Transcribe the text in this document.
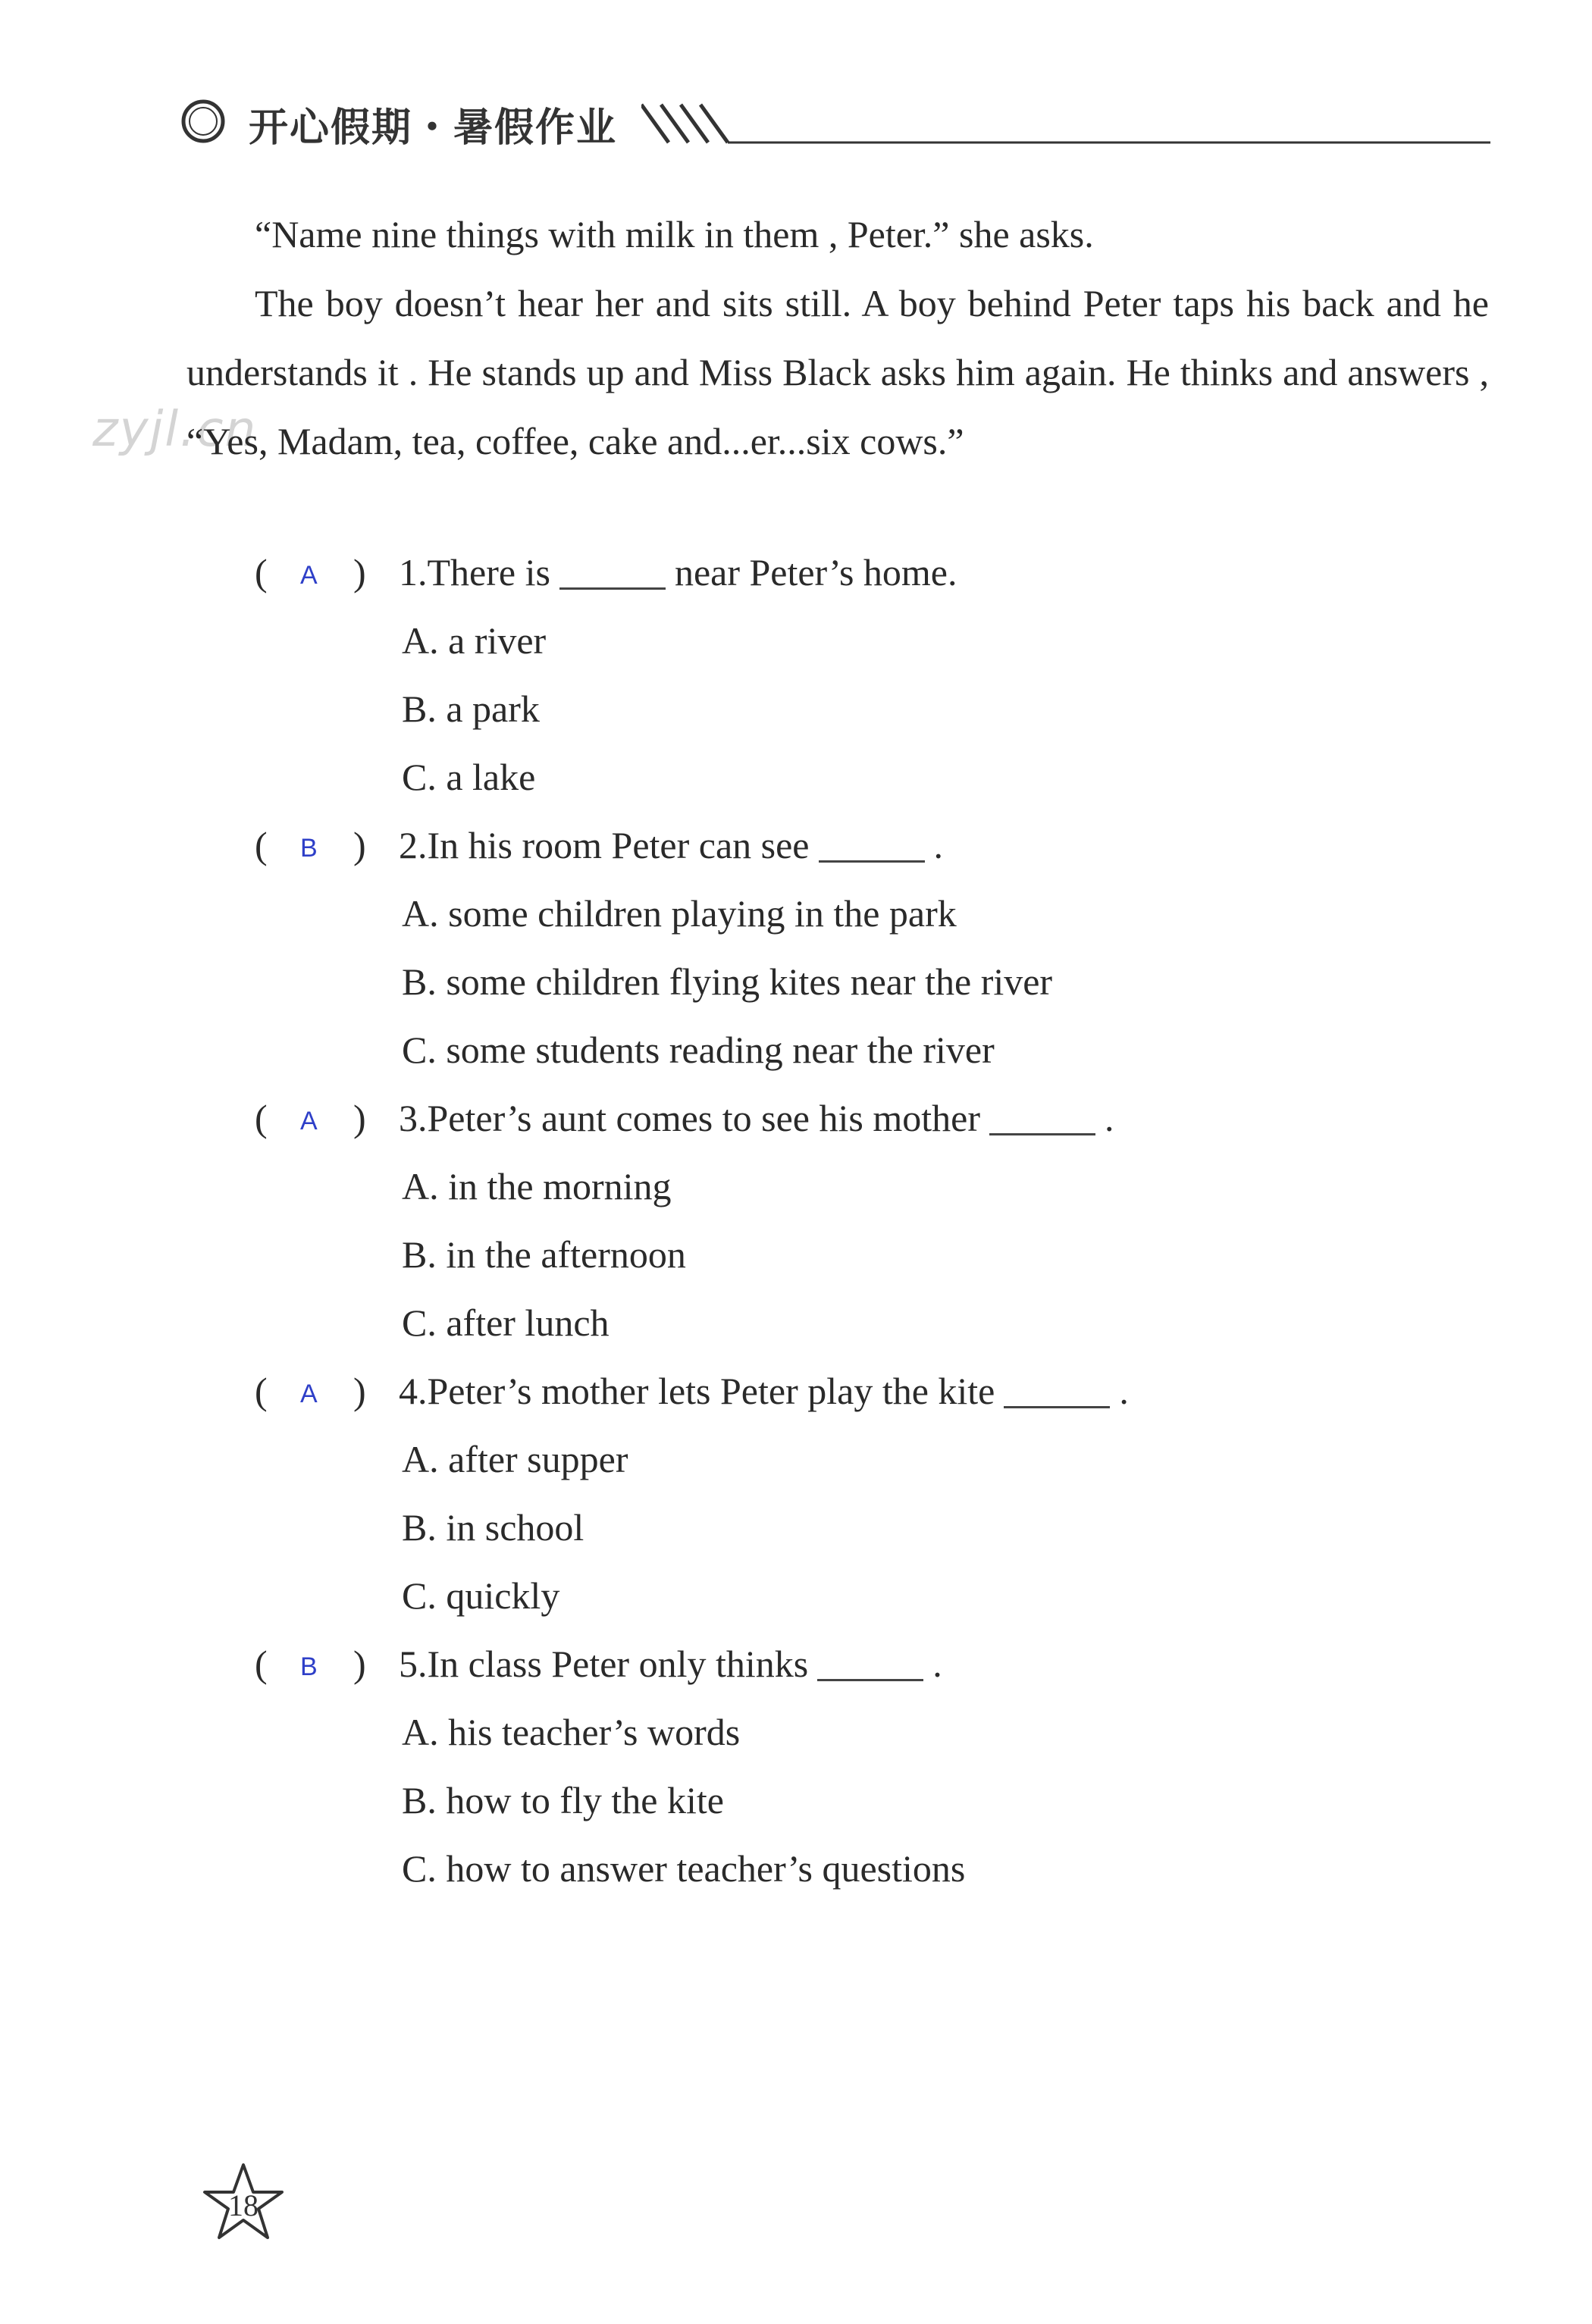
开心假期・暑假作业
zyjl.cn

“Name nine things with milk in them , Peter.” she asks.

The boy doesn’t hear her and sits still. A boy behind Peter taps his back and he understands it . He stands up and Miss Black asks him again. He thinks and answers , “Yes, Madam, tea, coffee, cake and...er...six cows.”

( A ) 1.There is	near Peter’s home.
A. a river
B. a park
C. a lake
( B ) 2.In his room Peter can see	.
A. some children playing in the park
B. some children flying kites near the river
C. some students reading near the river
( A ) 3.Peter’s aunt comes to see his mother	.
A. in the morning
B. in the afternoon
C. after lunch
( A ) 4.Peter’s mother lets Peter play the kite	.
A. after supper
B. in school
C. quickly
( B ) 5.In class Peter only thinks	.
A. his teacher’s words
B. how to fly the kite
C. how to answer teacher’s questions
18
